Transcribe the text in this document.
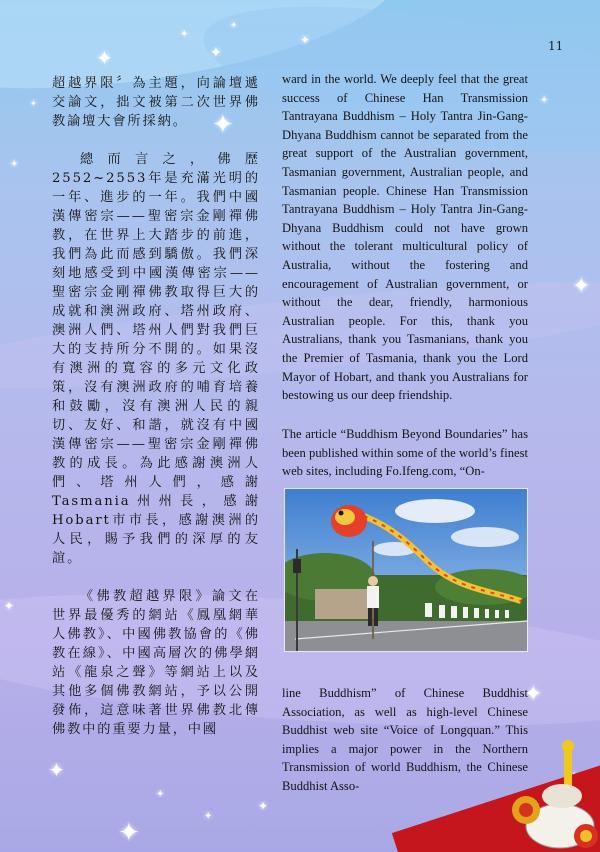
✦
✦
✦
✦
✦
✦
✦
✦
✦
✦
✦
✦
✦
✦
✦
✦
✦
11

超越界限〞為主題，向論壇遞交論文，拙文被第二次世界佛教論壇大會所採納。

總而言之，佛歷2552~2553年是充滿光明的一年、進步的一年。我們中國漢傳密宗——聖密宗金剛禪佛教，在世界上大踏步的前進，我們為此而感到驕傲。我們深刻地感受到中國漢傳密宗——聖密宗金剛禪佛教取得巨大的成就和澳洲政府、塔州政府、澳洲人們、塔州人們對我們巨大的支持所分不開的。如果沒有澳洲的寬容的多元文化政策，沒有澳洲政府的哺育培養和鼓勵，沒有澳洲人民的親切、友好、和諧，就沒有中國漢傳密宗——聖密宗金剛禪佛教的成長。為此感謝澳洲人們、塔州人們，感謝Tasmania州州長，感謝Hobart市市長，感謝澳洲的人民，賜予我們的深厚的友誼。

《佛教超越界限》論文在世界最優秀的網站《鳳凰網華人佛教》、中國佛教協會的《佛教在線》、中國高層次的佛學網站《龍泉之聲》等網站上以及其他多個佛教網站，予以公開發佈，這意味著世界佛教北傳佛教中的重要力量，中國

ward in the world. We deeply feel that the great success of Chinese Han Transmission Tantrayana Buddhism – Holy Tantra Jin-Gang-Dhyana Buddhism cannot be separated from the great support of the Australian government, Tasmanian government, Australian people, and Tasmanian people. Chinese Han Transmission Tantrayana Buddhism – Holy Tantra Jin-Gang-Dhyana Buddhism could not have grown without the tolerant multicultural policy of Australia, without the fostering and encouragement of Australian government, or without the dear, friendly, harmonious Australian people. For this, thank you Australians, thank you Tasmanians, thank you the Premier of Tasmania, thank you the Lord Mayor of Hobart, and thank you Australians for bestowing us our deep friendship.

The article “Buddhism Beyond Boundaries” has been published within some of the world’s finest web sites, including Fo.Ifeng.com, “On-

line Buddhism” of Chinese Buddhist Association, as well as high-level Chinese Buddhist web site “Voice of Longquan.” This implies a major power in the Northern Transmission of world Buddhism, the Chinese Buddhist Asso-
